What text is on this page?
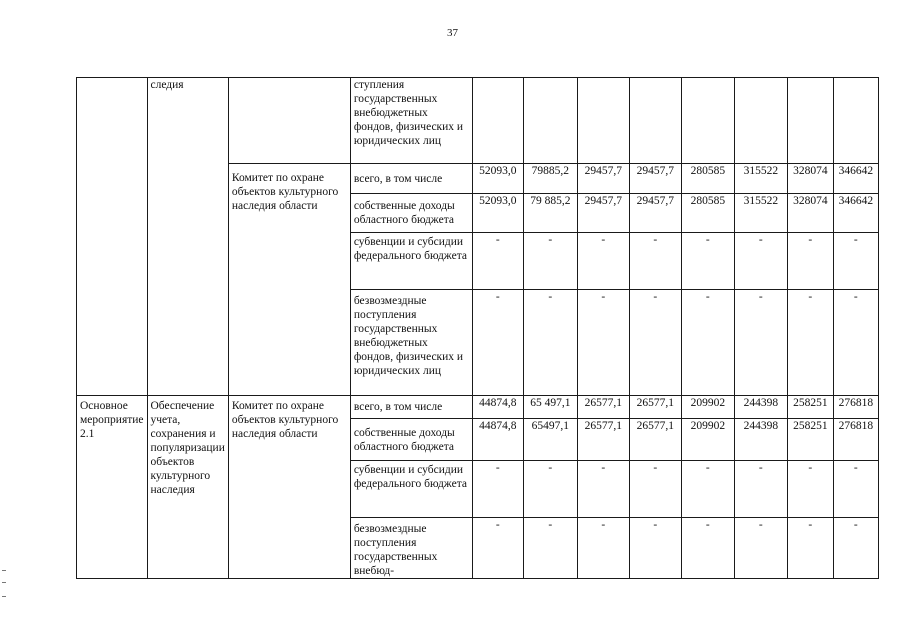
37
	следия		ступления государственных внебюджетных фондов, физических и юридических лиц								
		Комитет по охране объектов культурного наследия области	всего, в том числе	52093,0	79885,2	29457,7	29457,7	280585	315522	328074	346642
			собственные доходы областного бюджета	52093,0	79 885,2	29457,7	29457,7	280585	315522	328074	346642
			субвенции и субсидии федерального бюджета	-	-	-	-	-	-	-	-
			безвозмездные поступления государственных внебюджетных фондов, физических и юридических лиц	-	-	-	-	-	-	-	-
Основное мероприятие 2.1	Обеспечение учета, сохранения и популяризации объектов культурного наследия	Комитет по охране объектов культурного наследия области	всего, в том числе	44874,8	65 497,1	26577,1	26577,1	209902	244398	258251	276818
			собственные доходы областного бюджета	44874,8	65497,1	26577,1	26577,1	209902	244398	258251	276818
			субвенции и субсидии федерального бюджета	-	-	-	-	-	-	-	-
			безвозмездные поступления государственных внебюд-	-	-	-	-	-	-	-	-
